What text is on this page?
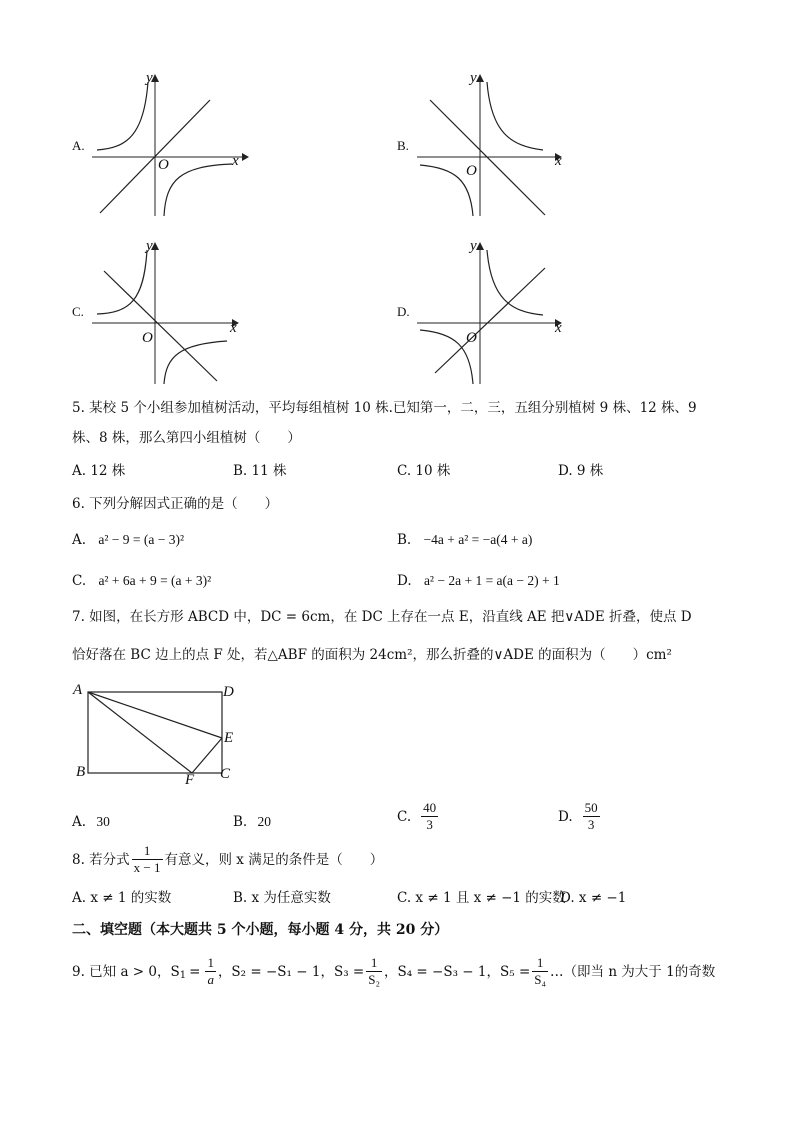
A.
y
x
O
B.
y
x
O
C.
y
x
O
D.
y
x
O
5. 某校 5 个小组参加植树活动，平均每组植树 10 株.已知第一，二，三，五组分别植树 9 株、12 株、9
株、8 株，那么第四小组植树（　　）
A. 12 株	B. 11 株	C. 10 株	D. 9 株
6. 下列分解因式正确的是（　　）
A. a² − 9 = (a − 3)²	B. −4a + a² = −a(4 + a)
C. a² + 6a + 9 = (a + 3)²	D. a² − 2a + 1 = a(a − 2) + 1
7. 如图，在长方形 ABCD 中，DC = 6cm，在 DC 上存在一点 E，沿直线 AE 把∨ADE 折叠，使点 D
恰好落在 BC 边上的点 F 处，若△ABF 的面积为 24cm²，那么折叠的∨ADE 的面积为（　　）cm²
A	D
E
B	F C
A. 30	B. 20	C. $\frac{40}{3}$	D. $\frac{50}{3}$
8. 若分式 $\frac{1}{x - 1}$ 有意义，则 x 满足的条件是（　　）
A. x ≠ 1 的实数	B. x 为任意实数	C. x ≠ 1 且 x ≠ −1 的实数
D. x ≠ −1
二、填空题（本大题共 5 个小题，每小题 4 分，共 20 分）
9. 已知 a > 0，S $1 = \frac{1}{a}$ ，S₂ = −S₁ − 1，$S_3 = \frac{1}{\text{S₂}}$ ，S₄ = −S₃ − 1，$S_5 = \frac{1}{\text{S₄}}$ …（即当 n 为大于 1的奇数
